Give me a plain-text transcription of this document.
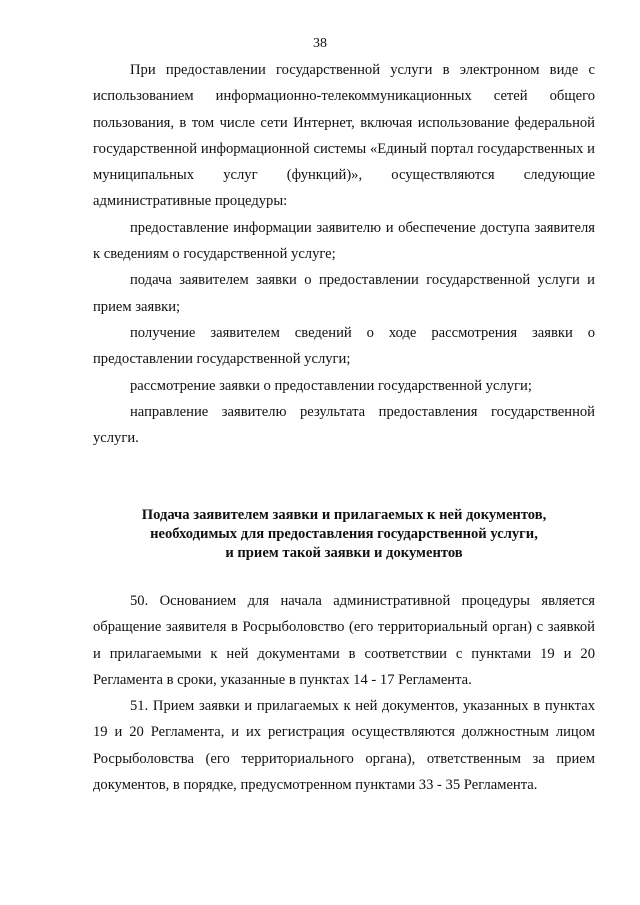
38

При предоставлении государственной услуги в электронном виде с использованием информационно-телекоммуникационных сетей общего пользования, в том числе сети Интернет, включая использование федеральной государственной информационной системы «Единый портал государственных и муниципальных услуг (функций)», осуществляются следующие административные процедуры:

предоставление информации заявителю и обеспечение доступа заявителя к сведениям о государственной услуге;

подача заявителем заявки о предоставлении государственной услуги и прием заявки;

получение заявителем сведений о ходе рассмотрения заявки о предоставлении государственной услуги;

рассмотрение заявки о предоставлении государственной услуги;

направление заявителю результата предоставления государственной услуги.

Подача заявителем заявки и прилагаемых к ней документов,
необходимых для предоставления государственной услуги,
и прием такой заявки и документов

50. Основанием для начала административной процедуры является обращение заявителя в Росрыболовство (его территориальный орган) с заявкой и прилагаемыми к ней документами в соответствии с пунктами 19 и 20 Регламента в сроки, указанные в пунктах 14 - 17 Регламента.

51. Прием заявки и прилагаемых к ней документов, указанных в пунктах 19 и 20 Регламента, и их регистрация осуществляются должностным лицом Росрыболовства (его территориального органа), ответственным за прием документов, в порядке, предусмотренном пунктами 33 - 35 Регламента.
